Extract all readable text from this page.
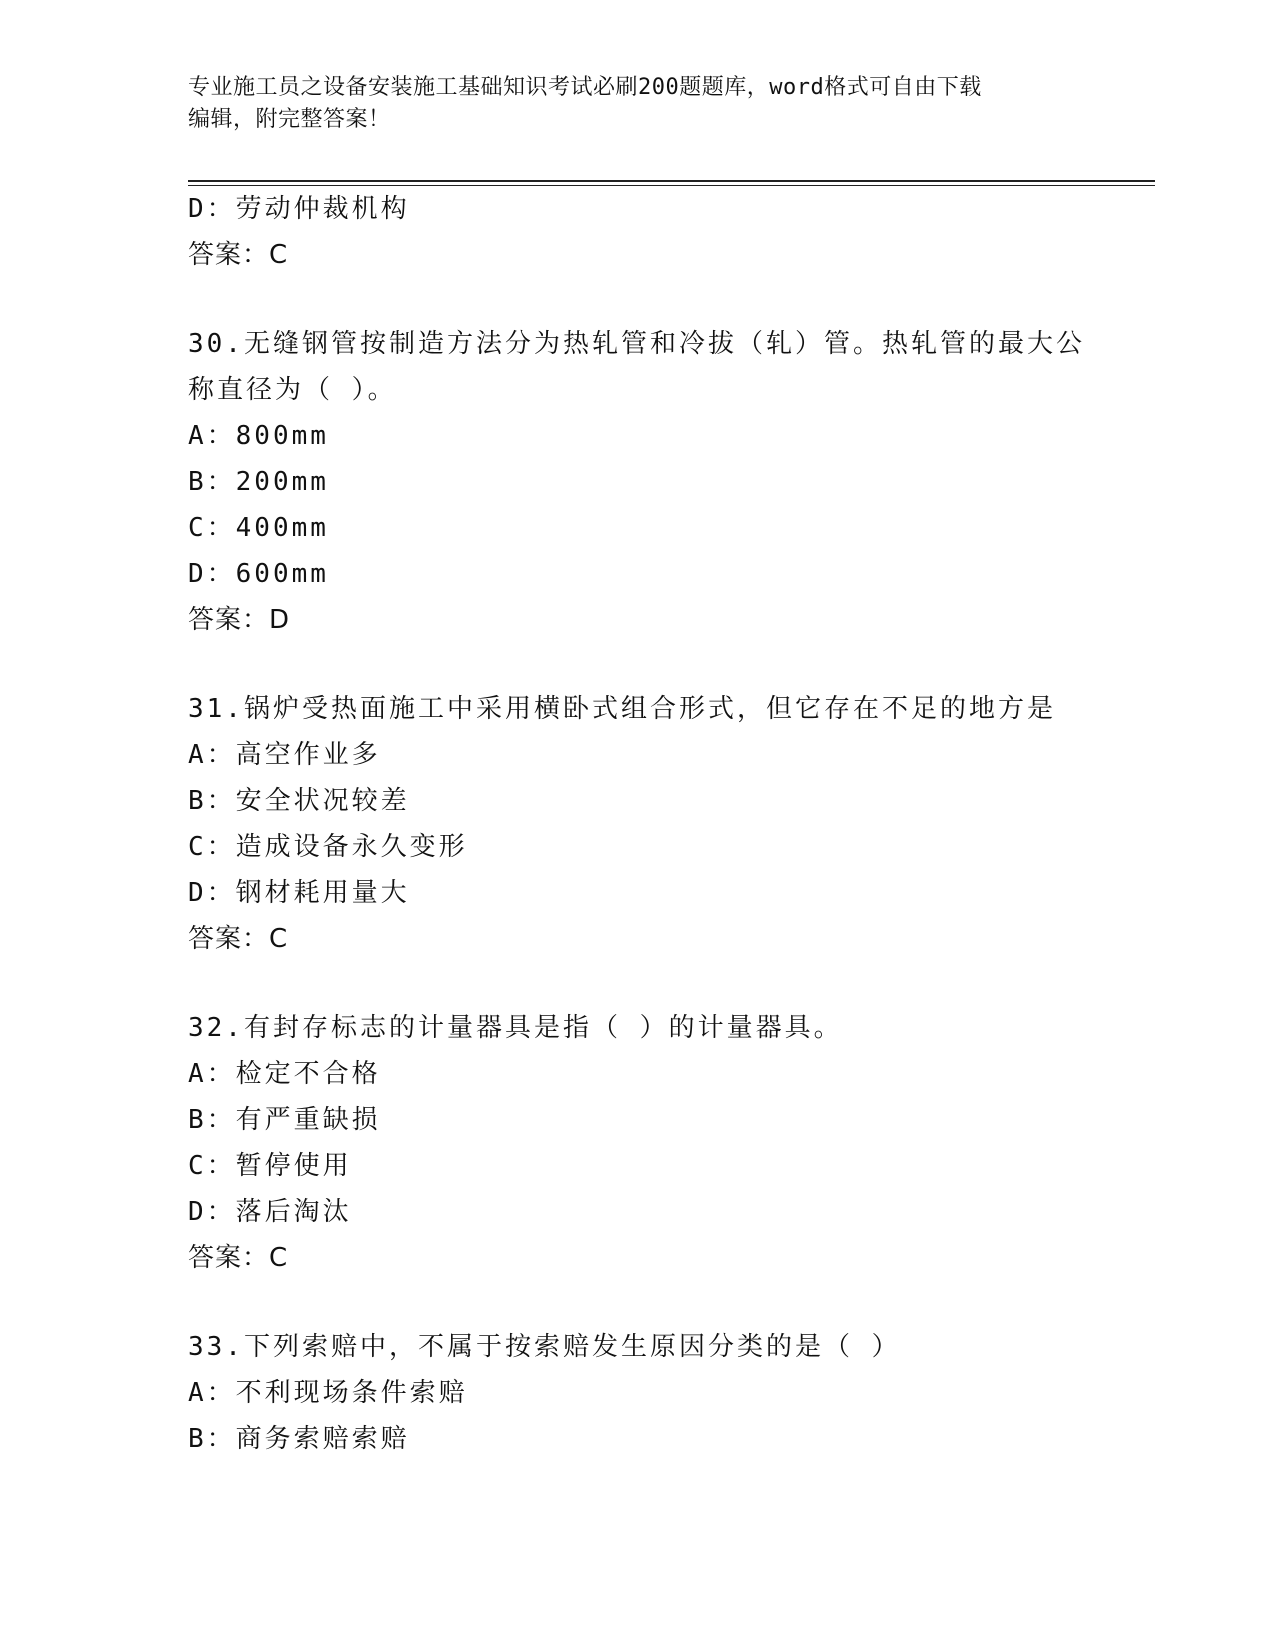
专业施工员之设备安装施工基础知识考试必刷200题题库，word格式可自由下载
编辑，附完整答案！
D：劳动仲裁机构
答案：C
30.无缝钢管按制造方法分为热轧管和冷拔（轧）管。热轧管的最大公
称直径为（ ）。
A：800mm
B：200mm
C：400mm
D：600mm
答案：D
31.锅炉受热面施工中采用横卧式组合形式，但它存在不足的地方是
A：高空作业多
B：安全状况较差
C：造成设备永久变形
D：钢材耗用量大
答案：C
32.有封存标志的计量器具是指（ ）的计量器具。
A：检定不合格
B：有严重缺损
C：暂停使用
D：落后淘汰
答案：C
33.下列索赔中，不属于按索赔发生原因分类的是（ ）
A：不利现场条件索赔
B：商务索赔索赔
